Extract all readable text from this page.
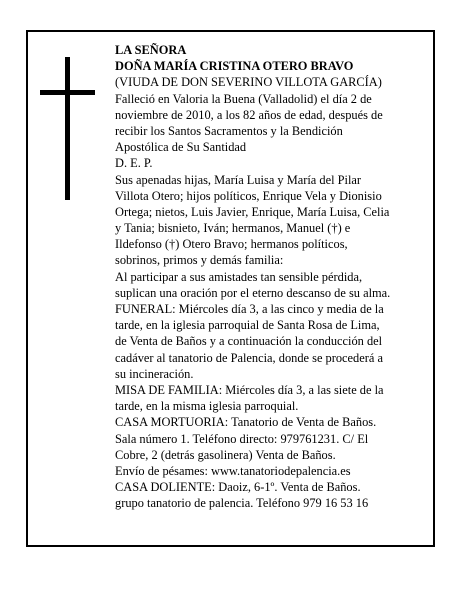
LA SEÑORA
DOÑA MARÍA CRISTINA OTERO BRAVO
(VIUDA DE DON SEVERINO VILLOTA GARCÍA)
Falleció en Valoria la Buena (Valladolid) el día 2 de
noviembre de 2010, a los 82 años de edad, después de
recibir los Santos Sacramentos y la Bendición
Apostólica de Su Santidad
D. E. P.
Sus apenadas hijas, María Luisa y María del Pilar
Villota Otero; hijos políticos, Enrique Vela y Dionisio
Ortega; nietos, Luis Javier, Enrique, María Luisa, Celia
y Tania; bisnieto, Iván; hermanos, Manuel (†) e
Ildefonso (†) Otero Bravo; hermanos políticos,
sobrinos, primos y demás familia:
Al participar a sus amistades tan sensible pérdida,
suplican una oración por el eterno descanso de su alma.
FUNERAL: Miércoles día 3, a las cinco y media de la
tarde, en la iglesia parroquial de Santa Rosa de Lima,
de Venta de Baños y a continuación la conducción del
cadáver al tanatorio de Palencia, donde se procederá a
su incineración.
MISA DE FAMILIA: Miércoles día 3, a las siete de la
tarde, en la misma iglesia parroquial.
CASA MORTUORIA: Tanatorio de Venta de Baños.
Sala número 1. Teléfono directo: 979761231. C/ El
Cobre, 2 (detrás gasolinera) Venta de Baños.
Envío de pésames: www.tanatoriodepalencia.es
CASA DOLIENTE: Daoiz, 6-1º. Venta de Baños.
grupo tanatorio de palencia. Teléfono 979 16 53 16
